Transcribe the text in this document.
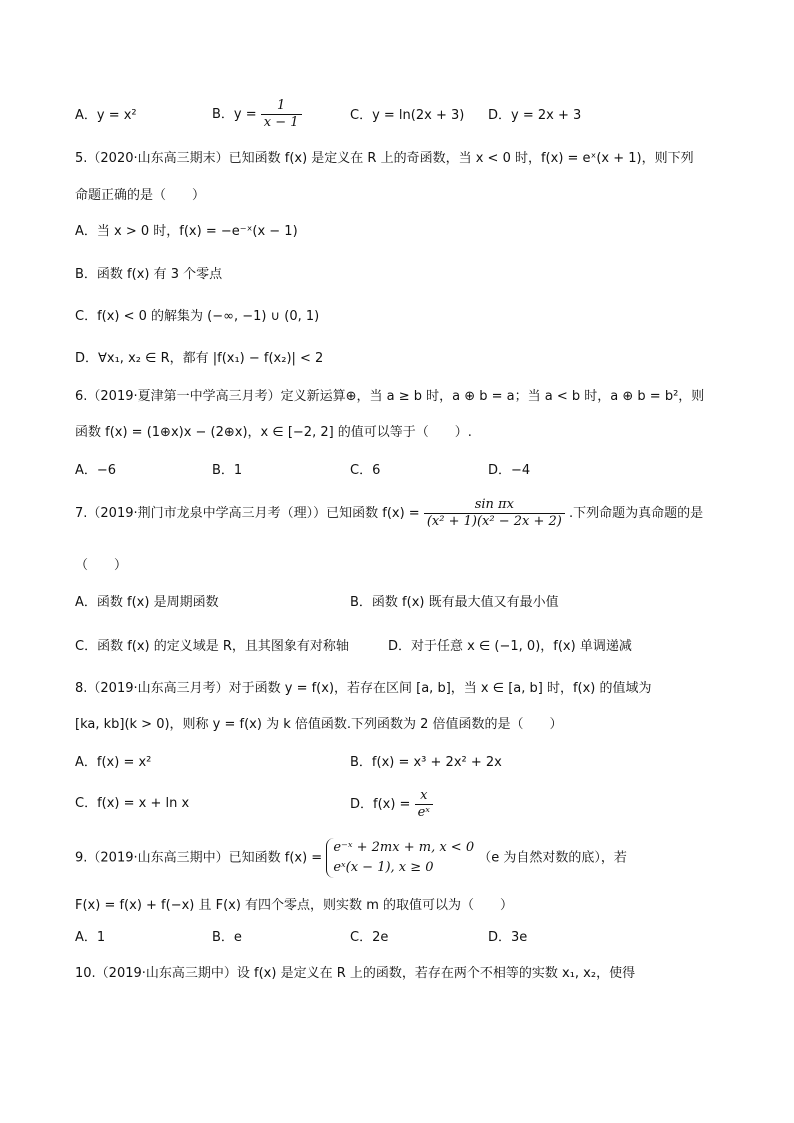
A．y = x²	B．$y = \frac{1}{x - 1}$	C．y = ln(2x + 3) D．y = 2x + 3
5.（2020·山东高三期末）已知函数 f(x) 是定义在 R 上的奇函数，当 x < 0 时，f(x) = eˣ(x + 1)，则下列
命题正确的是（　　）
A．当 x > 0 时，f(x) = −e⁻ˣ(x − 1)
B．函数 f(x) 有 3 个零点
C．f(x) < 0 的解集为 (−∞, −1) ∪ (0, 1)
D．∀x₁, x₂ ∈ R，都有 |f(x₁) − f(x₂)| < 2
6.（2019·夏津第一中学高三月考）定义新运算⊕，当 a ≥ b 时，a ⊕ b = a；当 a < b 时，a ⊕ b = b²，则
函数 f(x) = (1⊕x)x − (2⊕x)，x ∈ [−2, 2] 的值可以等于（　　）.
A．−6	B．1	C．6	D．−4
7.（2019·荆门市龙泉中学高三月考（理））已知函数 $f(x) = \frac{\text{sin πx}}{\text{(x² + 1)(x² − 2x + 2)}}$ .下列命题为真命题的是
（　　）
A．函数 f(x) 是周期函数	B．函数 f(x) 既有最大值又有最小值
C．函数 f(x) 的定义域是 R，且其图象有对称轴	D．对于任意 x ∈ (−1, 0)，f(x) 单调递减
8.（2019·山东高三月考）对于函数 y = f(x)，若存在区间 [a, b]，当 x ∈ [a, b] 时，f(x) 的值域为
[ka, kb](k > 0)，则称 y = f(x) 为 k 倍值函数.下列函数为 2 倍值函数的是（　　）
A．f(x) = x²	B．f(x) = x³ + 2x² + 2x
C．f(x) = x + ln x	D．$f(x) = \frac{x}{\text{eˣ}}$
9.（2019·山东高三期中）已知函数 f(x) =
e⁻ˣ + 2mx + m, x < 0
eˣ(x − 1), x ≥ 0
（e 为自然对数的底），若
F(x) = f(x) + f(−x) 且 F(x) 有四个零点，则实数 m 的取值可以为（　　）
A．1	B．e	C．2e	D．3e
10.（2019·山东高三期中）设 f(x) 是定义在 R 上的函数，若存在两个不相等的实数 x₁, x₂，使得
